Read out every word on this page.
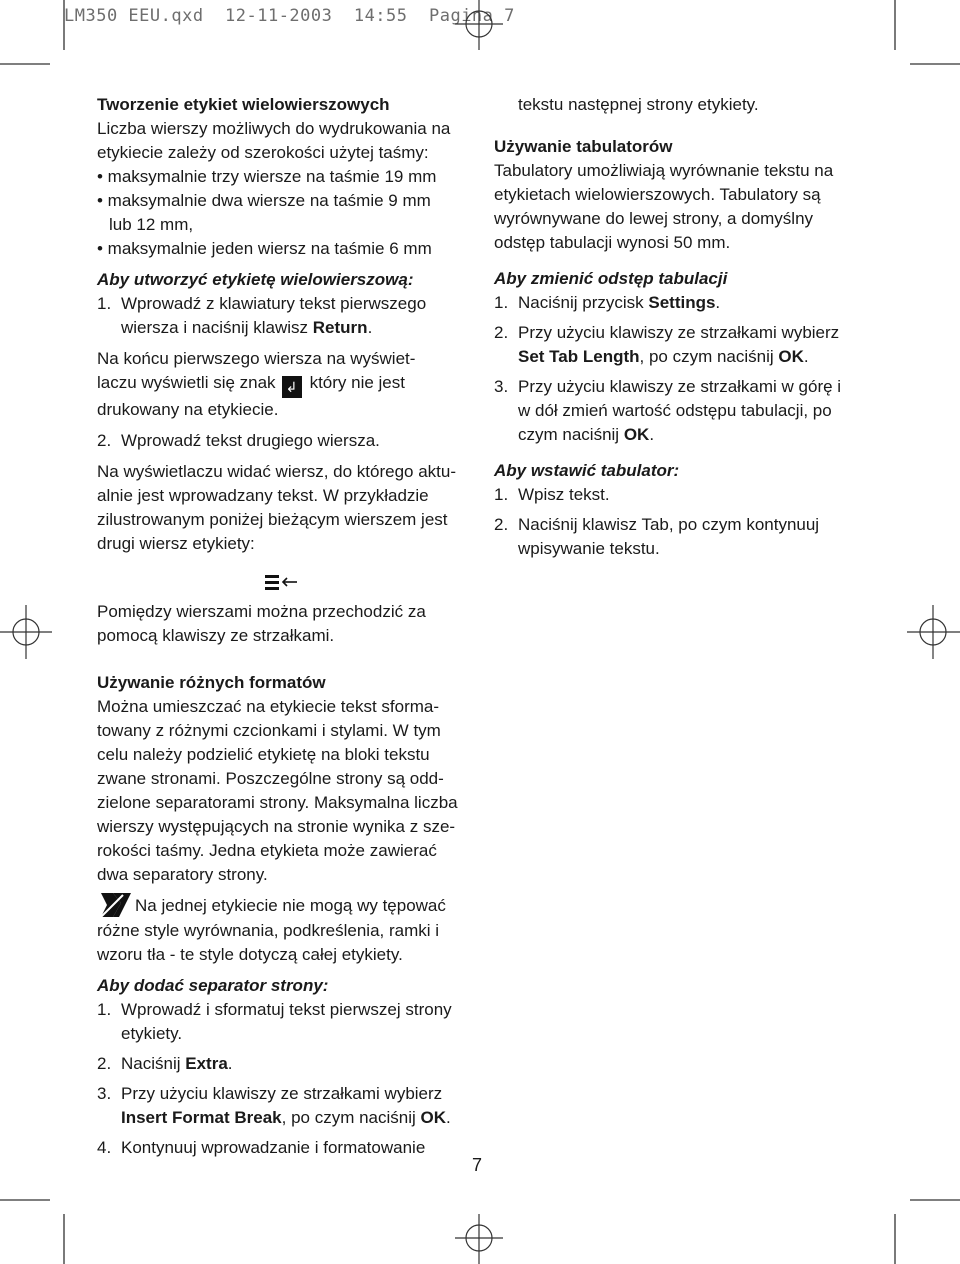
LM350 EEU.qxd  12-11-2003  14:55  Pagina 7

Tworzenie etykiet wielowierszowych

Liczba wierszy możliwych do wydrukowania na

etykiecie zależy od szerokości użytej taśmy:

• maksymalnie trzy wiersze na taśmie 19 mm

• maksymalnie dwa wiersze na taśmie 9 mm

lub 12 mm,

• maksymalnie jeden wiersz na taśmie 6 mm

Aby utworzyć etykietę wielowierszową:

1. Wprowadź z klawiatury tekst pierwszego
wiersza i naciśnij klawisz Return.

Na końcu pierwszego wiersza na wyświet-

laczu wyświetli się znak ↲ który nie jest

drukowany na etykiecie.

2. Wprowadź tekst drugiego wiersza.

Na wyświetlaczu widać wiersz, do którego aktu-

alnie jest wprowadzany tekst. W przykładzie

zilustrowanym poniżej bieżącym wierszem jest

drugi wiersz etykiety:

Pomiędzy wierszami można przechodzić za

pomocą klawiszy ze strzałkami.

Używanie różnych formatów

Można umieszczać na etykiecie tekst sformа-

towany z różnymi czcionkami i stylami. W tym

celu należy podzielić etykietę na bloki tekstu

zwane stronami. Poszczególne strony są odd-

zielone separatorami strony. Maksymalna liczba

wierszy występujących na stronie wynika z sze-

rokości taśmy. Jedna etykieta może zawierać

dwa separatory strony.

Na jednej etykiecie nie mogą wy tępować

różne style wyrównania, podkreślenia, ramki i

wzoru tła - te style dotyczą całej etykiety.

Aby dodać separator strony:

1. Wprowadź i sformatuj tekst pierwszej strony
etykiety.
2. Naciśnij Extra.
3. Przy użyciu klawiszy ze strzałkami wybierz
Insert Format Break, po czym naciśnij OK.
4. Kontynuuj wprowadzanie i formatowanie

tekstu następnej strony etykiety.

Używanie tabulatorów

Tabulatory umożliwiają wyrównanie tekstu na

etykietach wielowierszowych. Tabulatory są

wyrównywane do lewej strony, a domyślny

odstęp tabulacji wynosi 50 mm.

Aby zmienić odstęp tabulacji

1. Naciśnij przycisk Settings.
2. Przy użyciu klawiszy ze strzałkami wybierz
Set Tab Length, po czym naciśnij OK.
3. Przy użyciu klawiszy ze strzałkami w górę i
w dół zmień wartość odstępu tabulacji, po
czym naciśnij OK.

Aby wstawić tabulator:

1. Wpisz tekst.
2. Naciśnij klawisz Tab, po czym kontynuuj
wpisywanie tekstu.
7
